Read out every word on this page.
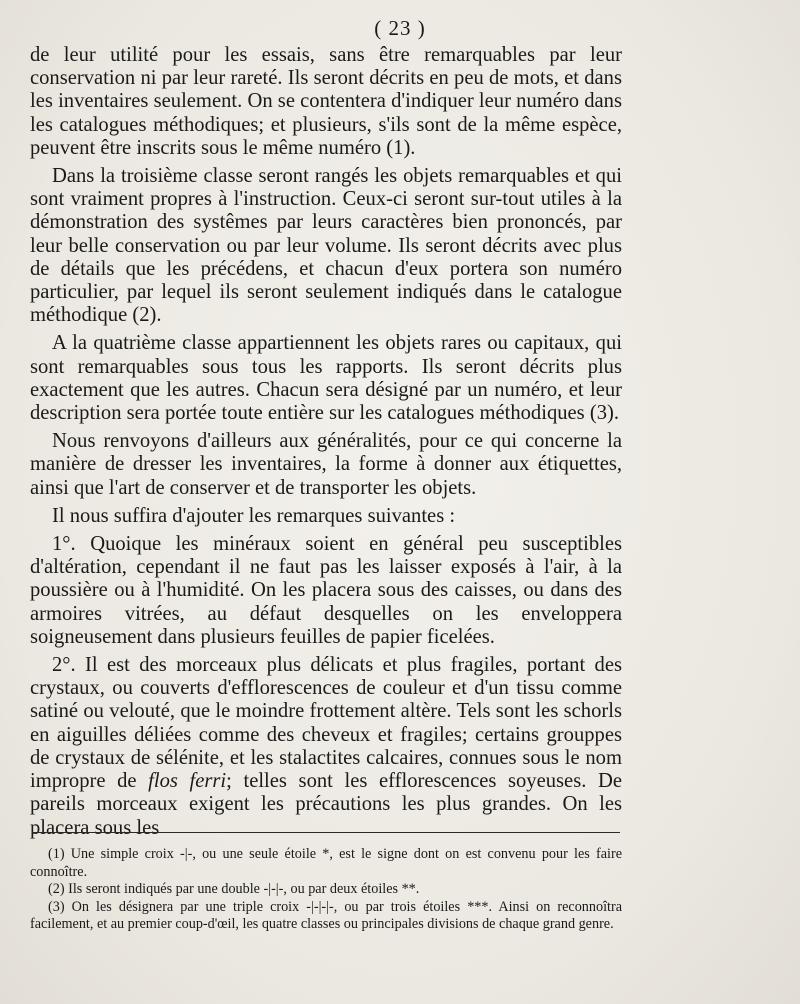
( 23 )

de leur utilité pour les essais, sans être remarquables par leur conservation ni par leur rareté. Ils seront décrits en peu de mots, et dans les inventaires seulement. On se contentera d'indiquer leur numéro dans les catalogues méthodiques; et plusieurs, s'ils sont de la même espèce, peuvent être inscrits sous le même numéro (1).

Dans la troisième classe seront rangés les objets remarquables et qui sont vraiment propres à l'instruction. Ceux-ci seront sur-tout utiles à la démonstration des systêmes par leurs caractères bien prononcés, par leur belle conservation ou par leur volume. Ils seront décrits avec plus de détails que les précédens, et chacun d'eux portera son numéro particulier, par lequel ils seront seulement indiqués dans le catalogue méthodique (2).

A la quatrième classe appartiennent les objets rares ou capitaux, qui sont remarquables sous tous les rapports. Ils seront décrits plus exactement que les autres. Chacun sera désigné par un numéro, et leur description sera portée toute entière sur les catalogues méthodiques (3).

Nous renvoyons d'ailleurs aux généralités, pour ce qui concerne la manière de dresser les inventaires, la forme à donner aux étiquettes, ainsi que l'art de conserver et de transporter les objets.

Il nous suffira d'ajouter les remarques suivantes :

1°. Quoique les minéraux soient en général peu susceptibles d'altération, cependant il ne faut pas les laisser exposés à l'air, à la poussière ou à l'humidité. On les placera sous des caisses, ou dans des armoires vitrées, au défaut desquelles on les enveloppera soigneusement dans plusieurs feuilles de papier ficelées.

2°. Il est des morceaux plus délicats et plus fragiles, portant des crystaux, ou couverts d'efflorescences de couleur et d'un tissu comme satiné ou velouté, que le moindre frottement altère. Tels sont les schorls en aiguilles déliées comme des cheveux et fragiles; certains grouppes de crystaux de sélénite, et les stalactites calcaires, connues sous le nom impropre de flos ferri; telles sont les efflorescences soyeuses. De pareils morceaux exigent les précautions les plus grandes. On les placera sous les

(1) Une simple croix -|-, ou une seule étoile *, est le signe dont on est convenu pour les faire connoître.

(2) Ils seront indiqués par une double -|-|-, ou par deux étoiles **.

(3) On les désignera par une triple croix -|-|-|-, ou par trois étoiles ***. Ainsi on reconnoîtra facilement, et au premier coup-d'œil, les quatre classes ou principales divisions de chaque grand genre.
